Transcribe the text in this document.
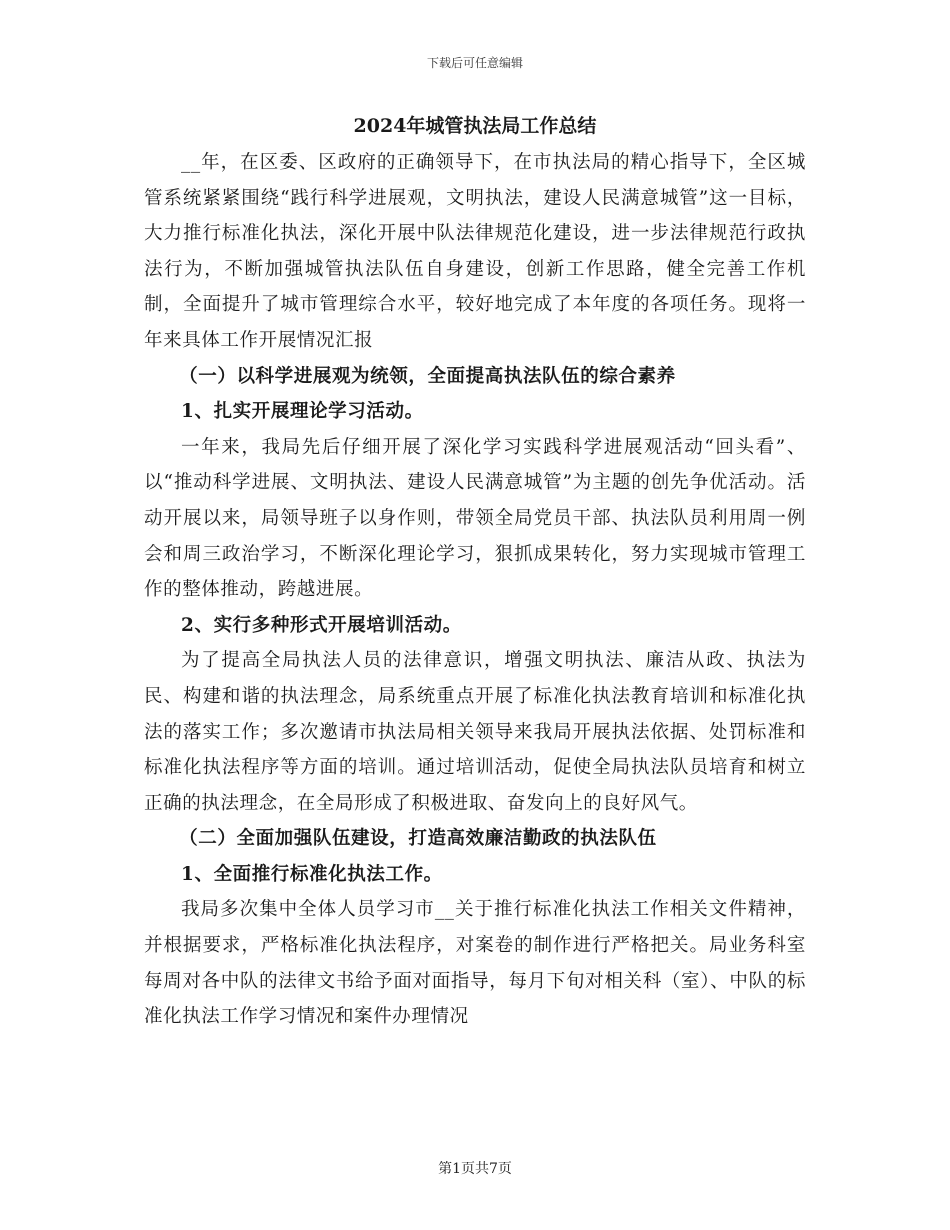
下载后可任意编辑
2024年城管执法局工作总结

__年，在区委、区政府的正确领导下，在市执法局的精心指导下，全区城管系统紧紧围绕“践行科学进展观，文明执法，建设人民满意城管”这一目标，大力推行标准化执法，深化开展中队法律规范化建设，进一步法律规范行政执法行为，不断加强城管执法队伍自身建设，创新工作思路，健全完善工作机制，全面提升了城市管理综合水平，较好地完成了本年度的各项任务。现将一年来具体工作开展情况汇报

（一）以科学进展观为统领，全面提高执法队伍的综合素养

1、扎实开展理论学习活动。

一年来，我局先后仔细开展了深化学习实践科学进展观活动“回头看”、以“推动科学进展、文明执法、建设人民满意城管”为主题的创先争优活动。活动开展以来，局领导班子以身作则，带领全局党员干部、执法队员利用周一例会和周三政治学习，不断深化理论学习，狠抓成果转化，努力实现城市管理工作的整体推动，跨越进展。

2、实行多种形式开展培训活动。

为了提高全局执法人员的法律意识，增强文明执法、廉洁从政、执法为民、构建和谐的执法理念，局系统重点开展了标准化执法教育培训和标准化执法的落实工作；多次邀请市执法局相关领导来我局开展执法依据、处罚标准和标准化执法程序等方面的培训。通过培训活动，促使全局执法队员培育和树立正确的执法理念，在全局形成了积极进取、奋发向上的良好风气。

（二）全面加强队伍建设，打造高效廉洁勤政的执法队伍

1、全面推行标准化执法工作。

我局多次集中全体人员学习市__关于推行标准化执法工作相关文件精神，并根据要求，严格标准化执法程序，对案卷的制作进行严格把关。局业务科室每周对各中队的法律文书给予面对面指导，每月下旬对相关科（室）、中队的标准化执法工作学习情况和案件办理情况

第1页共7页
